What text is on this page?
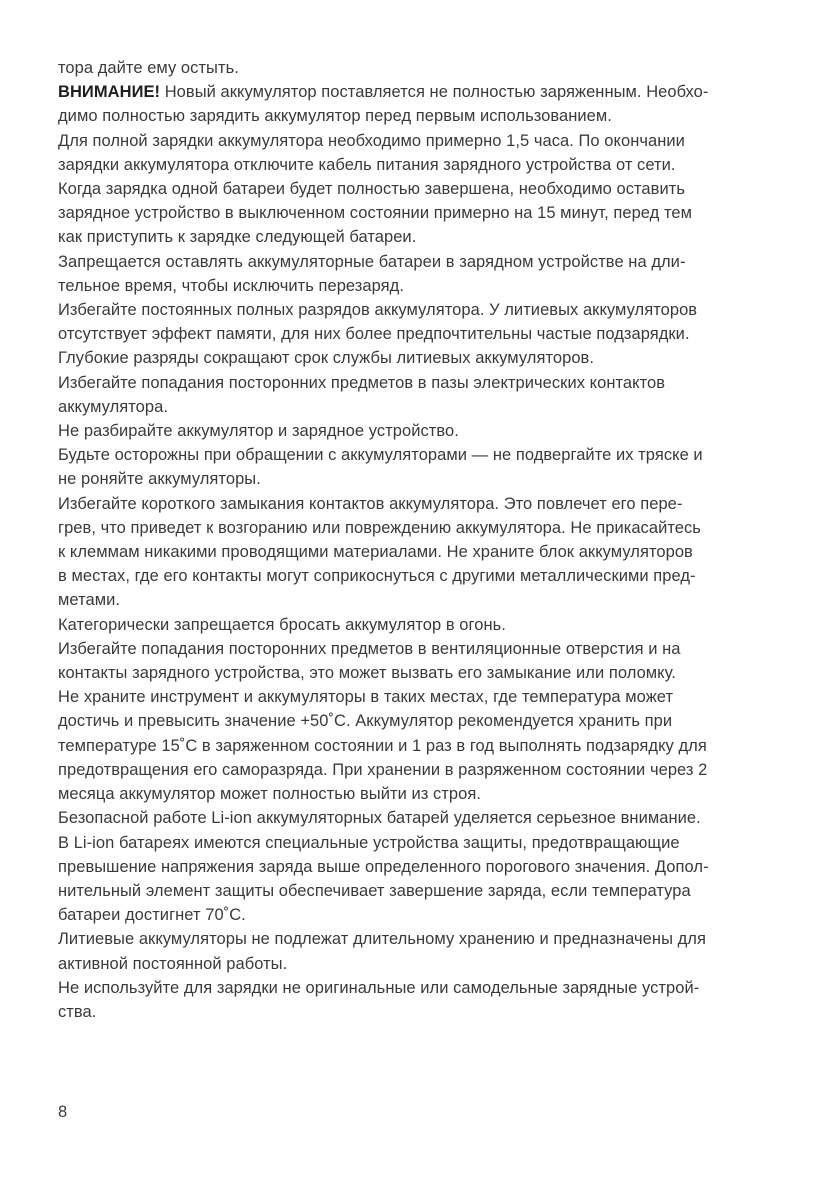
тора дайте ему остыть.
ВНИМАНИЕ! Новый аккумулятор поставляется не полностью заряженным. Необхо-
димо полностью зарядить аккумулятор перед первым использованием.
Для полной зарядки аккумулятора необходимо примерно 1,5 часа. По окончании
зарядки аккумулятора отключите кабель питания зарядного устройства от сети.
Когда зарядка одной батареи будет полностью завершена, необходимо оставить
зарядное устройство в выключенном состоянии примерно на 15 минут, перед тем
как приступить к зарядке следующей батареи.
Запрещается оставлять аккумуляторные батареи в зарядном устройстве на дли-
тельное время, чтобы исключить перезаряд.
Избегайте постоянных полных разрядов аккумулятора. У литиевых аккумуляторов
отсутствует эффект памяти, для них более предпочтительны частые подзарядки.
Глубокие разряды сокращают срок службы литиевых аккумуляторов.
Избегайте попадания посторонних предметов в пазы электрических контактов
аккумулятора.
Не разбирайте аккумулятор и зарядное устройство.
Будьте осторожны при обращении с аккумуляторами — не подвергайте их тряске и
не роняйте аккумуляторы.
Избегайте короткого замыкания контактов аккумулятора. Это повлечет его пере-
грев, что приведет к возгоранию или повреждению аккумулятора. Не прикасайтесь
к клеммам никакими проводящими материалами. Не храните блок аккумуляторов
в местах, где его контакты могут соприкоснуться с другими металлическими пред-
метами.
Категорически запрещается бросать аккумулятор в огонь.
Избегайте попадания посторонних предметов в вентиляционные отверстия и на
контакты зарядного устройства, это может вызвать его замыкание или поломку.
Не храните инструмент и аккумуляторы в таких местах, где температура может
достичь и превысить значение +50˚С. Аккумулятор рекомендуется хранить при
температуре 15˚С в заряженном состоянии и 1 раз в год выполнять подзарядку для
предотвращения его саморазряда. При хранении в разряженном состоянии через 2
месяца аккумулятор может полностью выйти из строя.
Безопасной работе Li-ion аккумуляторных батарей уделяется серьезное внимание.
В Li-ion батареях имеются специальные устройства защиты, предотвращающие
превышение напряжения заряда выше определенного порогового значения. Допол-
нительный элемент защиты обеспечивает завершение заряда, если температура
батареи достигнет 70˚С.
Литиевые аккумуляторы не подлежат длительному хранению и предназначены для
активной постоянной работы.
Не используйте для зарядки не оригинальные или самодельные зарядные устрой-
ства.
8
